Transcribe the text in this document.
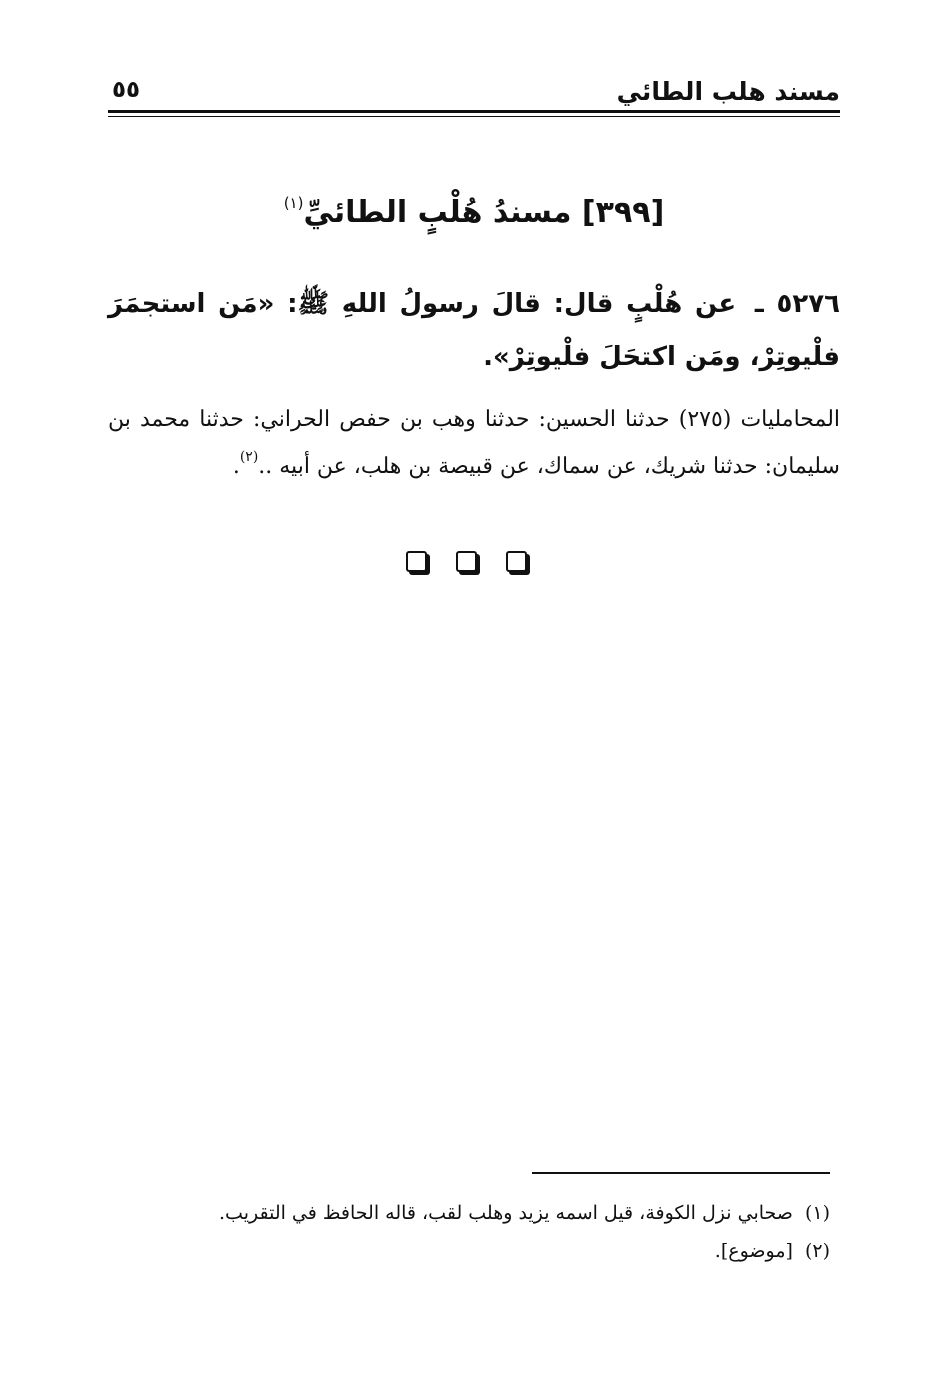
مسند هلب الطائي
٥٥
[٣٩٩] مسندُ هُلْبٍ الطائيِّ$^{(١)}$
٥٢٧٦ ـ عن هُلْبٍ قال: قالَ رسولُ اللهِ ﷺ: «مَن استجمَرَ فلْيوتِرْ، ومَن اكتحَلَ فلْيوتِرْ».
المحامليات (٢٧٥) حدثنا الحسين: حدثنا وهب بن حفص الحراني: حدثنا محمد بن سليمان: حدثنا شريك، عن سماك، عن قبيصة بن هلب، عن أبيه ..$^{(٢)}$.
(١)صحابي نزل الكوفة، قيل اسمه يزيد وهلب لقب، قاله الحافظ في التقريب.
(٢)[موضوع].
